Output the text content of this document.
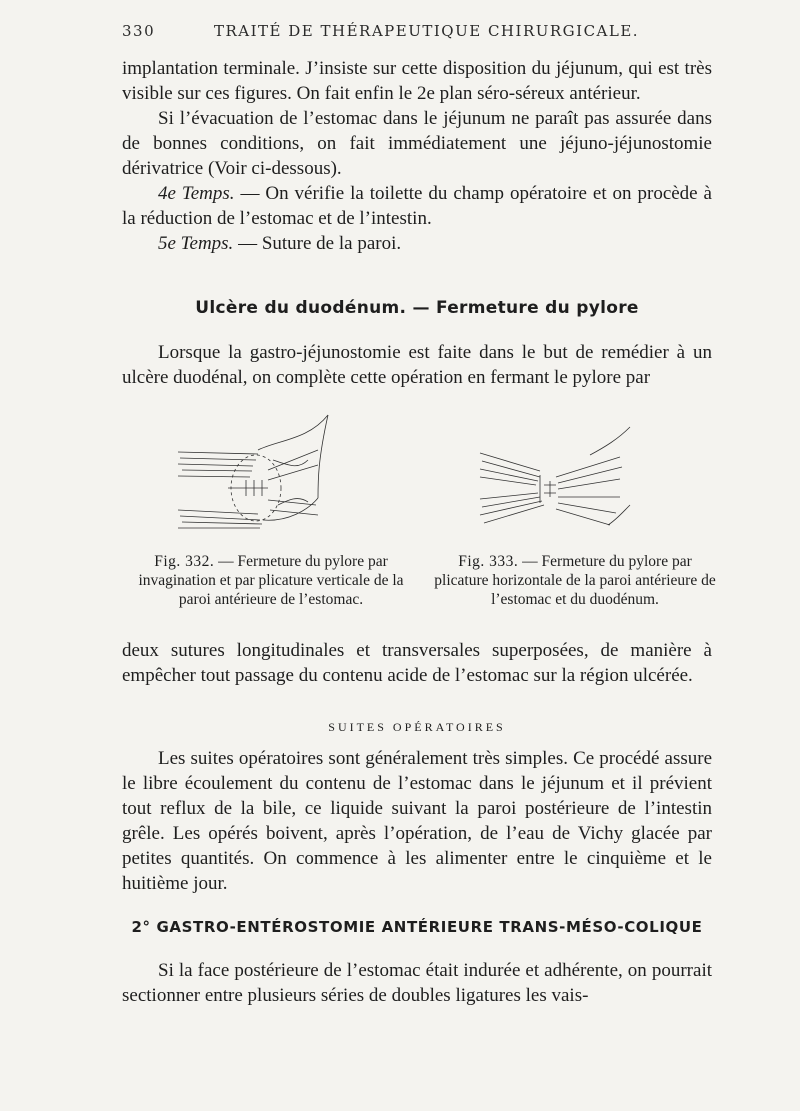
330	TRAITÉ DE THÉRAPEUTIQUE CHIRURGICALE.

implantation terminale. J’insiste sur cette disposition du jéjunum, qui est très visible sur ces figures. On fait enfin le 2e plan séro-séreux antérieur.

Si l’évacuation de l’estomac dans le jéjunum ne paraît pas assurée dans de bonnes conditions, on fait immédiatement une jéjuno-jéjunostomie dérivatrice (Voir ci-dessous).

4e Temps. — On vérifie la toilette du champ opératoire et on procède à la réduction de l’estomac et de l’intestin.

5e Temps. — Suture de la paroi.

Ulcère du duodénum. — Fermeture du pylore

Lorsque la gastro-jéjunostomie est faite dans le but de remédier à un ulcère duodénal, on complète cette opération en fermant le pylore par

Fig. 332. — Fermeture du pylore par invagination et par plicature verticale de la paroi antérieure de l’estomac.
Fig. 333. — Fermeture du pylore par plicature horizontale de la paroi antérieure de l’estomac et du duodénum.

deux sutures longitudinales et transversales superposées, de manière à empêcher tout passage du contenu acide de l’estomac sur la région ulcérée.

SUITES OPÉRATOIRES

Les suites opératoires sont généralement très simples. Ce procédé assure le libre écoulement du contenu de l’estomac dans le jéjunum et il prévient tout reflux de la bile, ce liquide suivant la paroi postérieure de l’intestin grêle. Les opérés boivent, après l’opération, de l’eau de Vichy glacée par petites quantités. On commence à les alimenter entre le cinquième et le huitième jour.

2° GASTRO-ENTÉROSTOMIE ANTÉRIEURE TRANS-MÉSO-COLIQUE

Si la face postérieure de l’estomac était indurée et adhérente, on pourrait sectionner entre plusieurs séries de doubles ligatures les vais-
